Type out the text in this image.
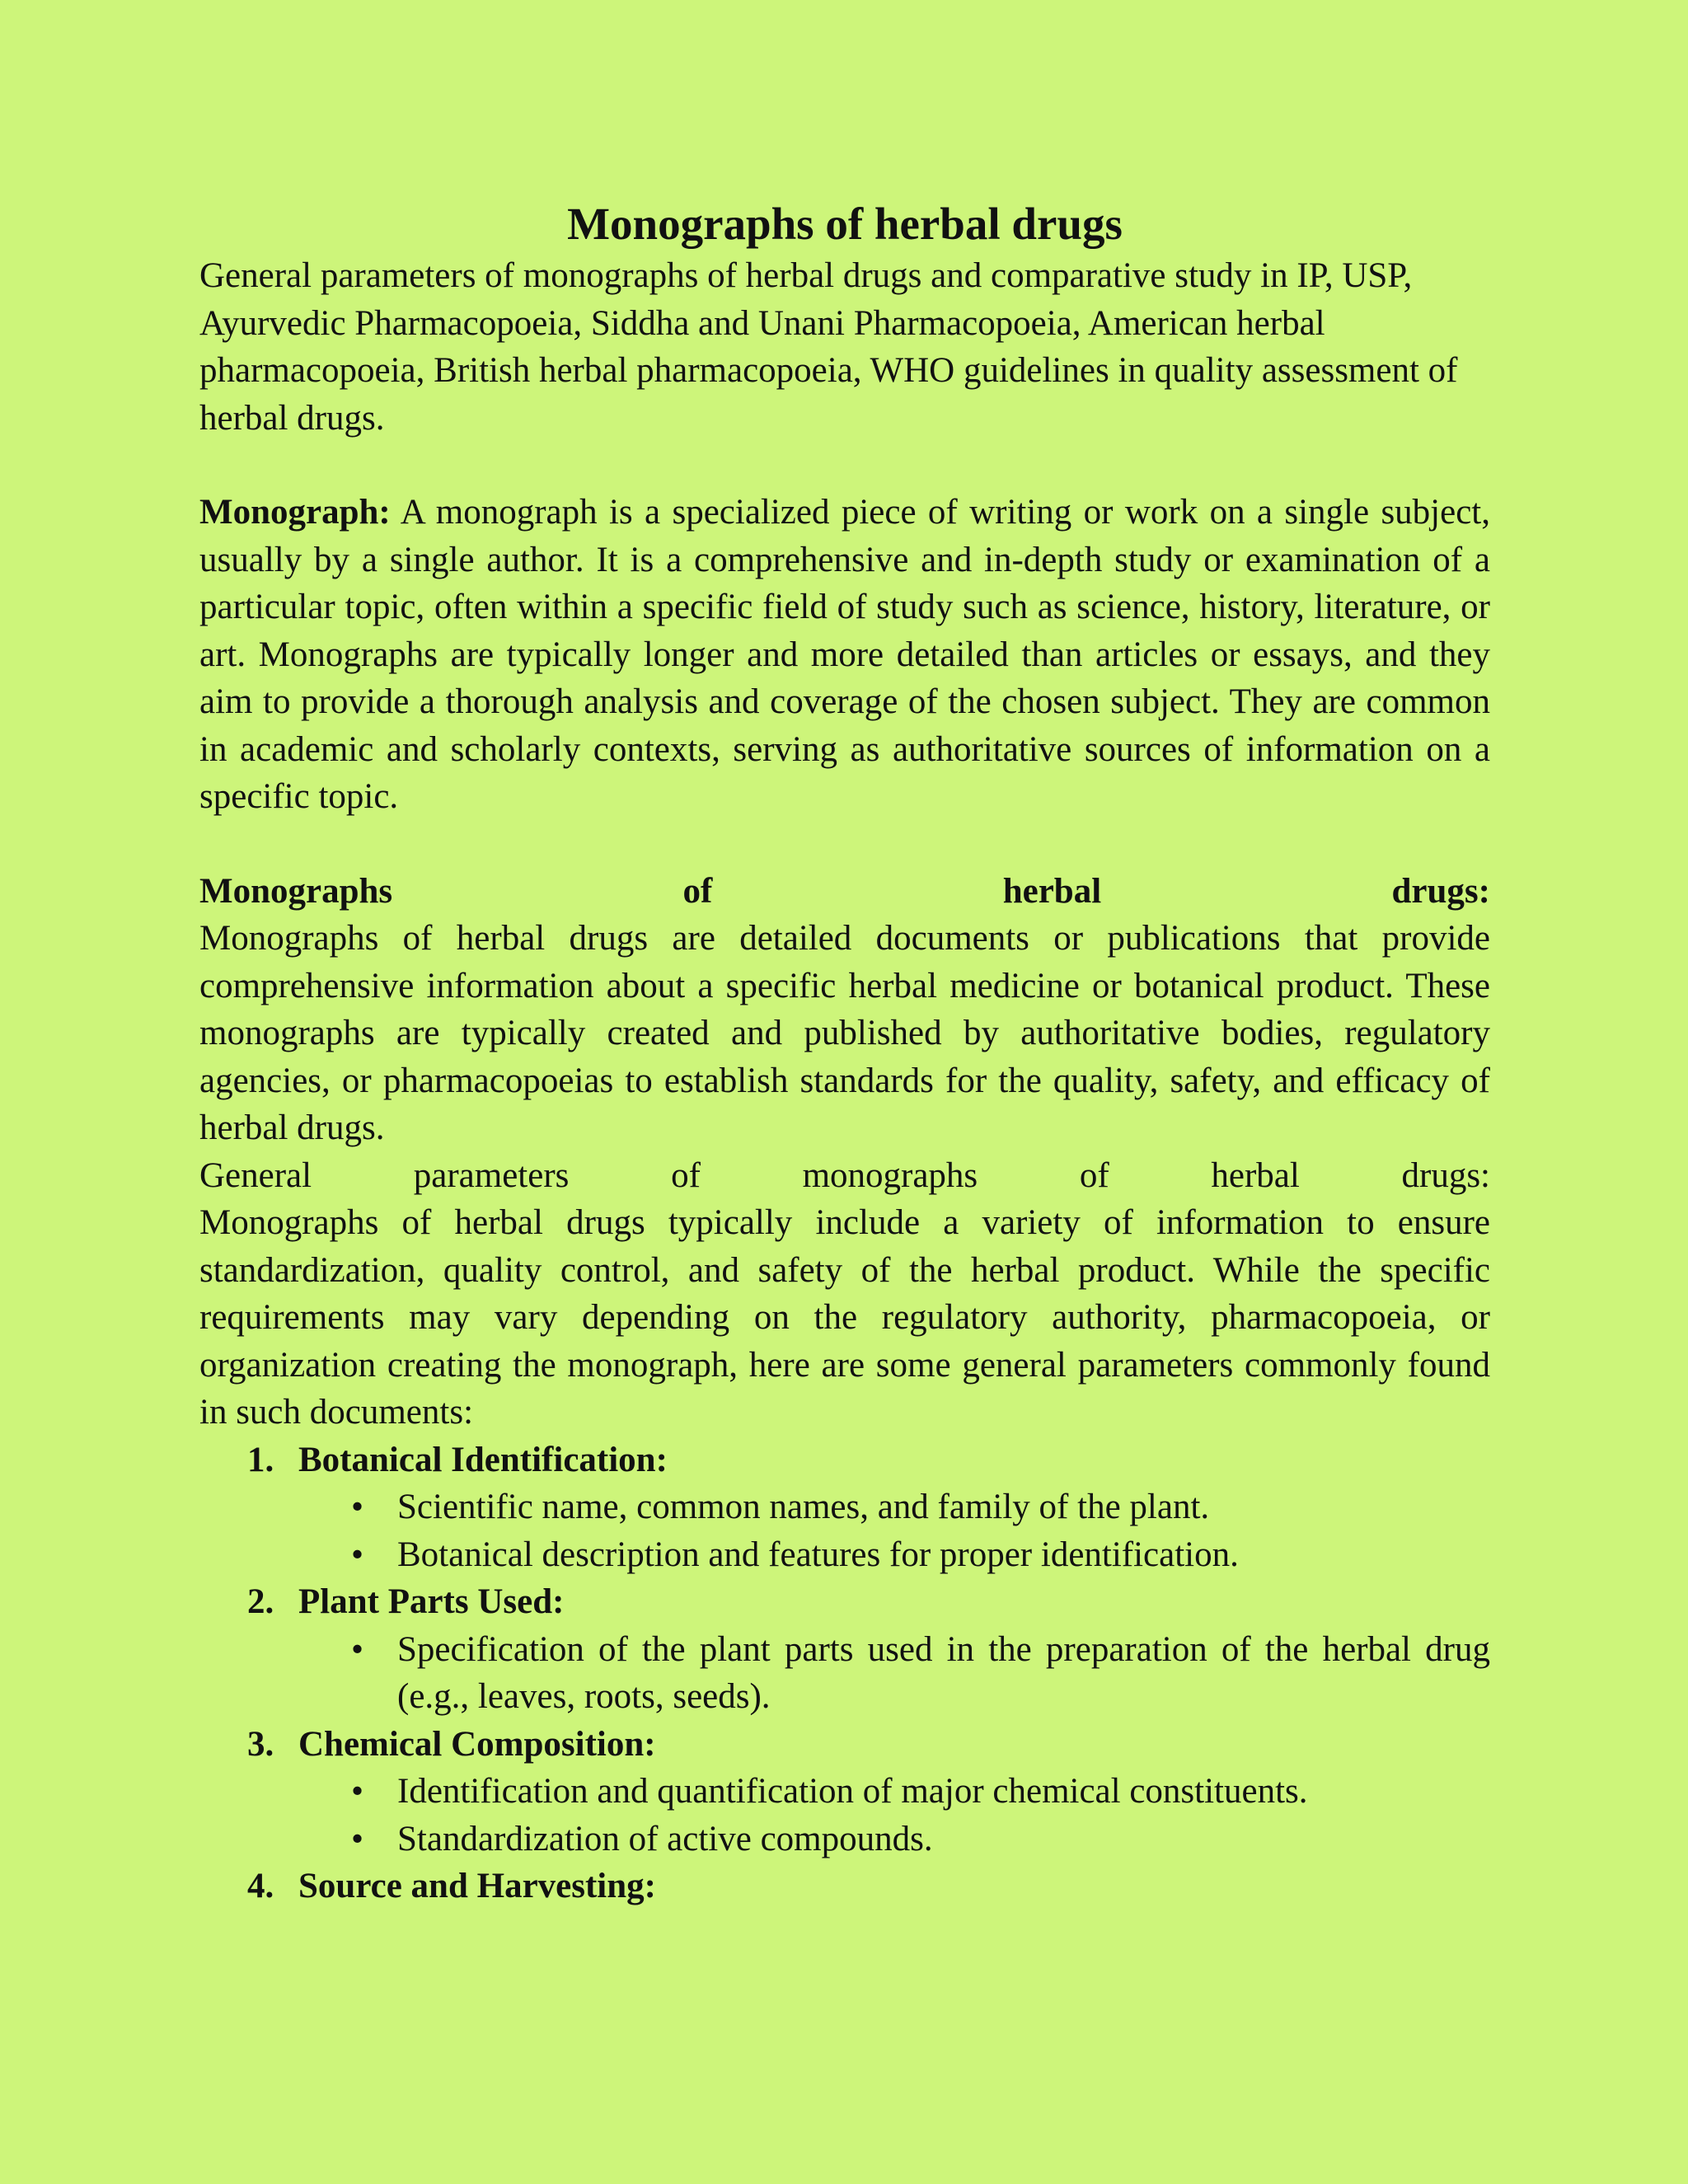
Monographs of herbal drugs

General parameters of monographs of herbal drugs and comparative study in IP, USP, Ayurvedic Pharmacopoeia, Siddha and Unani Pharmacopoeia, American herbal pharmacopoeia, British herbal pharmacopoeia, WHO guidelines in quality assessment of herbal drugs.

Monograph: A monograph is a specialized piece of writing or work on a single subject, usually by a single author. It is a comprehensive and in-depth study or examination of a particular topic, often within a specific field of study such as science, history, literature, or art. Monographs are typically longer and more detailed than articles or essays, and they aim to provide a thorough analysis and coverage of the chosen subject. They are common in academic and scholarly contexts, serving as authoritative sources of information on a specific topic.

Monographs	of	herbal	drugs:

Monographs of herbal drugs are detailed documents or publications that provide comprehensive information about a specific herbal medicine or botanical product. These monographs are typically created and published by authoritative bodies, regulatory agencies, or pharmacopoeias to establish standards for the quality, safety, and efficacy of herbal drugs.

General	parameters	of	monographs	of	herbal	drugs:

Monographs of herbal drugs typically include a variety of information to ensure standardization, quality control, and safety of the herbal product. While the specific requirements may vary depending on the regulatory authority, pharmacopoeia, or organization creating the monograph, here are some general parameters commonly found in such documents:

1. Botanical Identification:
• Scientific name, common names, and family of the plant.
• Botanical description and features for proper identification.
2. Plant Parts Used:
• Specification of the plant parts used in the preparation of the herbal drug (e.g., leaves, roots, seeds).
3. Chemical Composition:
• Identification and quantification of major chemical constituents.
• Standardization of active compounds.
4. Source and Harvesting:
